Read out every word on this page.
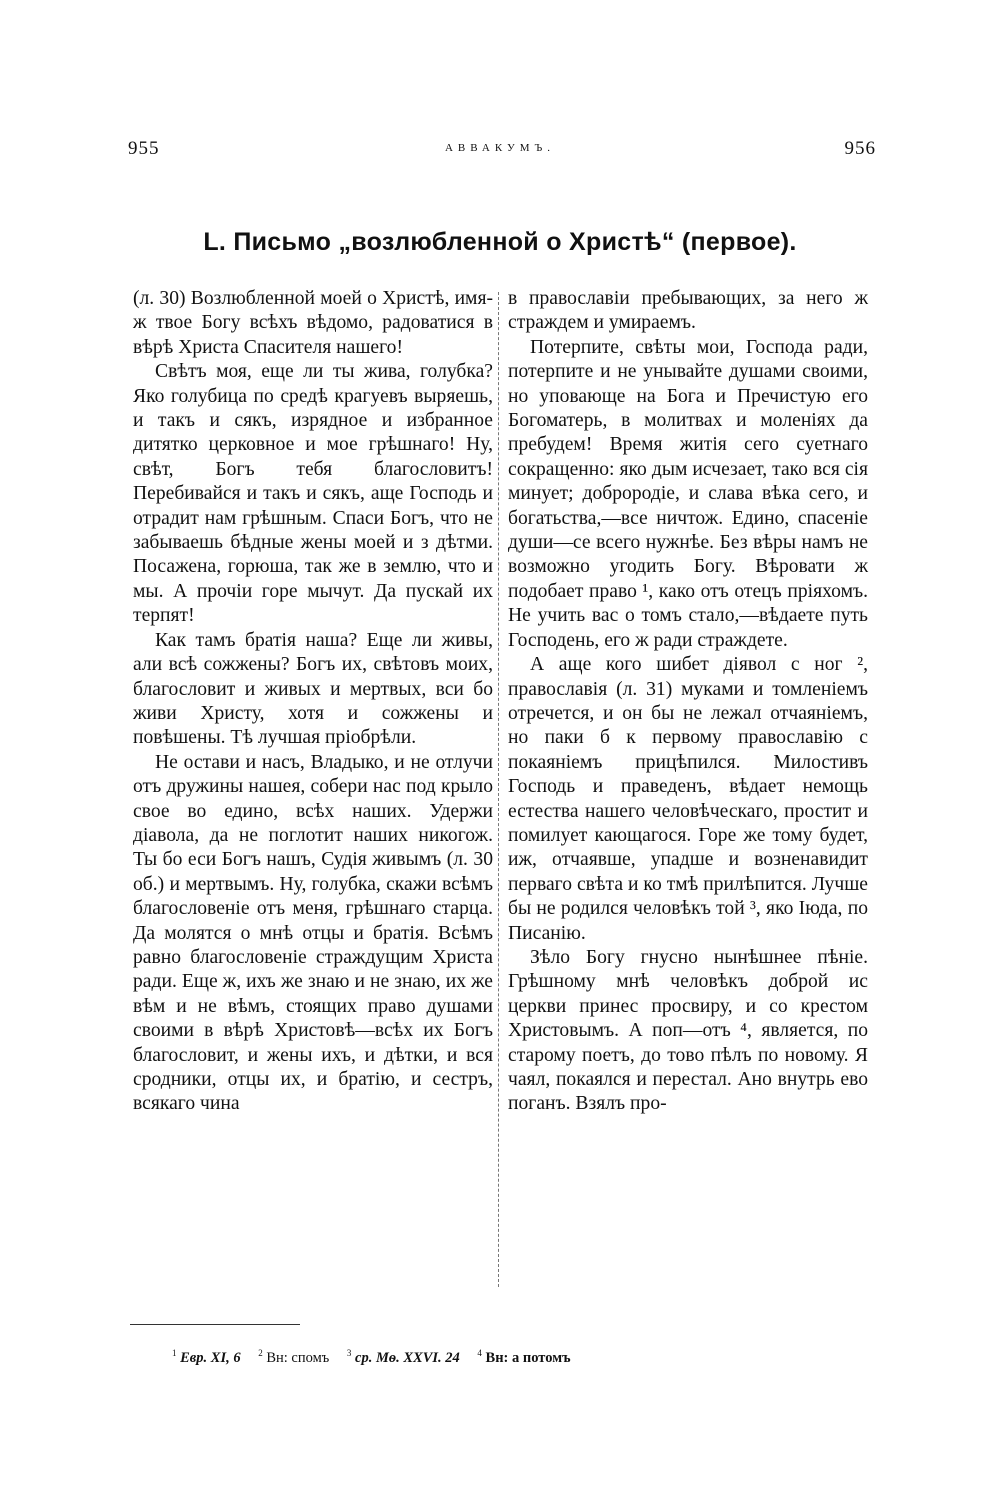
955	АВВАКУМЪ.	956
L. Письмо „возлюбленной о Христѣ“ (первое).

(л. 30) Возлюбленной моей о Христѣ, имя-ж твое Богу всѣхъ вѣдомо, радоватися в вѣрѣ Христа Спасителя нашего!

Свѣтъ моя, еще ли ты жива, голубка? Яко голубица по средѣ крагуевъ выряешь, и такъ и сякъ, изрядное и избранное дитятко церковное и мое грѣшнаго! Ну, свѣт, Богъ тебя благословитъ! Перебивайся и такъ и сякъ, аще Господь и отрадит нам грѣшным. Спаси Богъ, что не забываешь бѣдные жены моей и з дѣтми. Посажена, горюша, так же в землю, что и мы. А прочіи горе мычут. Да пускай их терпят!

Как тамъ братія наша? Еще ли живы, али всѣ сожжены? Богъ их, свѣтовъ моих, благословит и живых и мертвых, вси бо живи Христу, хотя и сожжены и повѣшены. Тѣ лучшая пріобрѣли.

Не остави и насъ, Владыко, и не отлучи отъ дружины нашея, собери нас под крыло свое во едино, всѣх наших. Удержи діавола, да не поглотит наших никогож. Ты бо еси Богъ нашъ, Судія живымъ (л. 30 об.) и мертвымъ. Ну, голубка, скажи всѣмъ благословеніе отъ меня, грѣшнаго старца. Да молятся о мнѣ отцы и братія. Всѣмъ равно благословеніе страждущим Христа ради. Еще ж, ихъ же знаю и не знаю, их же вѣм и не вѣмъ, стоящих право душами своими в вѣрѣ Христовѣ—всѣх их Богъ благословит, и жены ихъ, и дѣтки, и вся сродники, отцы их, и братію, и сестръ, всякаго чина

в православіи пребывающих, за него ж страждем и умираемъ.

Потерпите, свѣты мои, Господа ради, потерпите и не унывайте душами своими, но уповающе на Бога и Пречистую его Богоматерь, в молитвах и моленіях да пребудем! Время житія сего суетнаго сокращенно: яко дым исчезает, тако вся сія минует; доброродіе, и слава вѣка сего, и богатьства,—все ничтож. Едино, спасеніе души—се всего нужнѣе. Без вѣры намъ не возможно угодить Богу. Вѣровати ж подобает право ¹, како отъ отецъ пріяхомъ. Не учить вас о томъ стало,—вѣдаете путь Господень, его ж ради страждете.

А аще кого шибет діявол с ног ², православія (л. 31) муками и томленіемъ отречется, и он бы не лежал отчаяніемъ, но паки б к первому православію с покаяніемъ прицѣпился. Милостивъ Господь и праведенъ, вѣдает немощь естества нашего человѣческаго, простит и помилует кающагося. Горе же тому будет, иж, отчаявше, упадше и возненавидит перваго свѣта и ко тмѣ прилѣпится. Лучше бы не родился человѣкъ той ³, яко Іюда, по Писанію.

Зѣло Богу гнусно нынѣшнее пѣніе. Грѣшному мнѣ человѣкъ доброй ис церкви принес просвиру, и со крестом Христовымъ. А поп—отъ ⁴, является, по старому поетъ, до тово пѣлъ по новому. Я чаял, покаялся и перестал. Ано внутрь ево поганъ. Взялъ про-

$^1$ Евр. XI, 6 $^2$ Вн: спомъ $^3$ ср. Мѳ. XXVI. 24 $^4$ Вн: а потомъ
